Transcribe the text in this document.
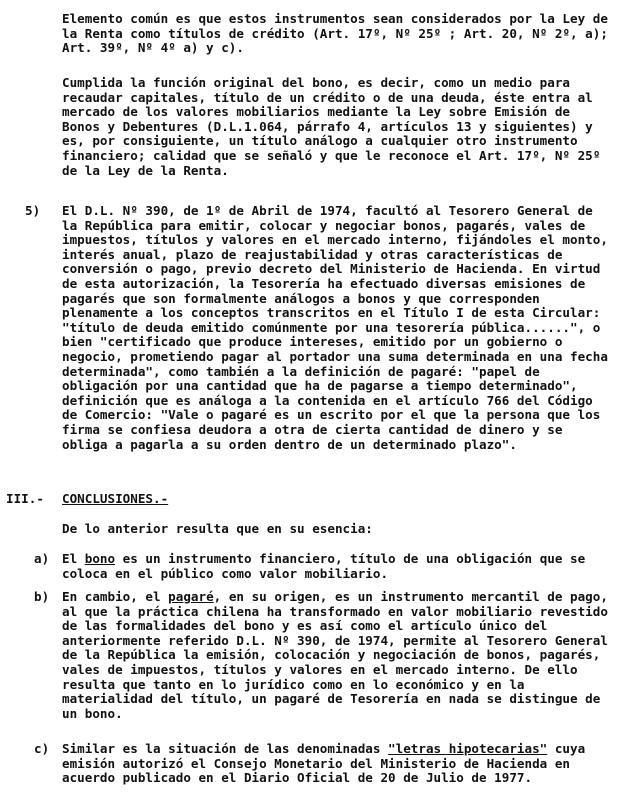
Elemento común es que estos instrumentos sean considerados por la Ley de la Renta como títulos de crédito (Art. 17º, Nº 25º ; Art. 20, Nº 2º, a); Art. 39º, Nº 4º a) y c).

Cumplida la función original del bono, es decir, como un medio para recaudar capitales, título de un crédito o de una deuda, éste entra al mercado de los valores mobiliarios mediante la Ley sobre Emisión de Bonos y Debentures (D.L.1.064, párrafo 4, artículos 13 y siguientes) y es, por consiguiente, un título análogo a cualquier otro instrumento financiero; calidad que se señaló y que le reconoce el Art. 17º, Nº 25º de la Ley de la Renta.

5) El D.L. Nº 390, de 1º de Abril de 1974, facultó al Tesorero General de la República para emitir, colocar y negociar bonos, pagarés, vales de impuestos, títulos y valores en el mercado interno, fijándoles el monto, interés anual, plazo de reajustabilidad y otras características de conversión o pago, previo decreto del Ministerio de Hacienda. En virtud de esta autorización, la Tesorería ha efectuado diversas emisiones de pagarés que son formalmente análogos a bonos y que corresponden plenamente a los conceptos transcritos en el Título I de esta Circular: "título de deuda emitido comúnmente por una tesorería pública......", o bien "certificado que produce intereses, emitido por un gobierno o negocio, prometiendo pagar al portador una suma determinada en una fecha determinada", como también a la definición de pagaré: "papel de obligación por una cantidad que ha de pagarse a tiempo determinado", definición que es análoga a la contenida en el artículo 766 del Código de Comercio: "Vale o pagaré es un escrito por el que la persona que los firma se confiesa deudora a otra de cierta cantidad de dinero y se obliga a pagarla a su orden dentro de un determinado plazo".

III.- CONCLUSIONES.-

De lo anterior resulta que en su esencia:

a) El bono es un instrumento financiero, título de una obligación que se coloca en el público como valor mobiliario.

b) En cambio, el pagaré, en su origen, es un instrumento mercantil de pago, al que la práctica chilena ha transformado en valor mobiliario revestido de las formalidades del bono y es así como el artículo único del anteriormente referido D.L. Nº 390, de 1974, permite al Tesorero General de la República la emisión, colocación y negociación de bonos, pagarés, vales de impuestos, títulos y valores en el mercado interno. De ello resulta que tanto en lo jurídico como en lo económico y en la materialidad del título, un pagaré de Tesorería en nada se distingue de un bono.

c) Similar es la situación de las denominadas "letras hipotecarias" cuya emisión autorizó el Consejo Monetario del Ministerio de Hacienda en acuerdo publicado en el Diario Oficial de 20 de Julio de 1977.
